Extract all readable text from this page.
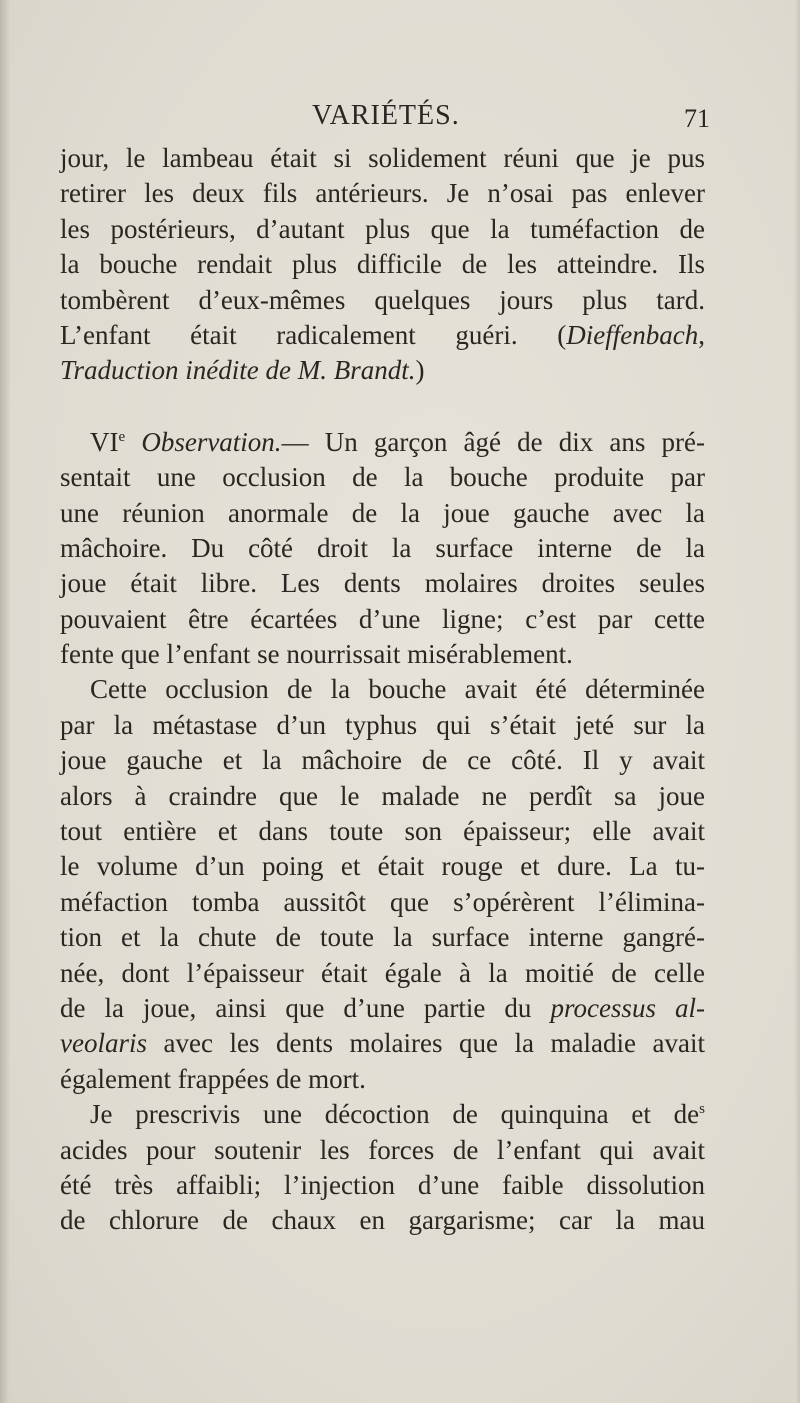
VARIÉTÉS.	71
jour, le lambeau était si solidement réuni que je pus
retirer les deux fils antérieurs. Je n’osai pas enlever
les postérieurs, d’autant plus que la tuméfaction de
la bouche rendait plus difficile de les atteindre. Ils
tombèrent d’eux-mêmes quelques jours plus tard.
L’enfant était radicalement guéri. (Dieffenbach,
Traduction inédite de M. Brandt.)
VIe Observation.— Un garçon âgé de dix ans pré-
sentait une occlusion de la bouche produite par
une réunion anormale de la joue gauche avec la
mâchoire. Du côté droit la surface interne de la
joue était libre. Les dents molaires droites seules
pouvaient être écartées d’une ligne; c’est par cette
fente que l’enfant se nourrissait misérablement.
Cette occlusion de la bouche avait été déterminée
par la métastase d’un typhus qui s’était jeté sur la
joue gauche et la mâchoire de ce côté. Il y avait
alors à craindre que le malade ne perdît sa joue
tout entière et dans toute son épaisseur; elle avait
le volume d’un poing et était rouge et dure. La tu-
méfaction tomba aussitôt que s’opérèrent l’élimina-
tion et la chute de toute la surface interne gangré-
née, dont l’épaisseur était égale à la moitié de celle
de la joue, ainsi que d’une partie du processus al-
veolaris avec les dents molaires que la maladie avait
également frappées de mort.
Je prescrivis une décoction de quinquina et $de^s$
acides pour soutenir les forces de l’enfant qui avait
été très affaibli; l’injection d’une faible dissolution
de chlorure de chaux en gargarisme; car la mau
